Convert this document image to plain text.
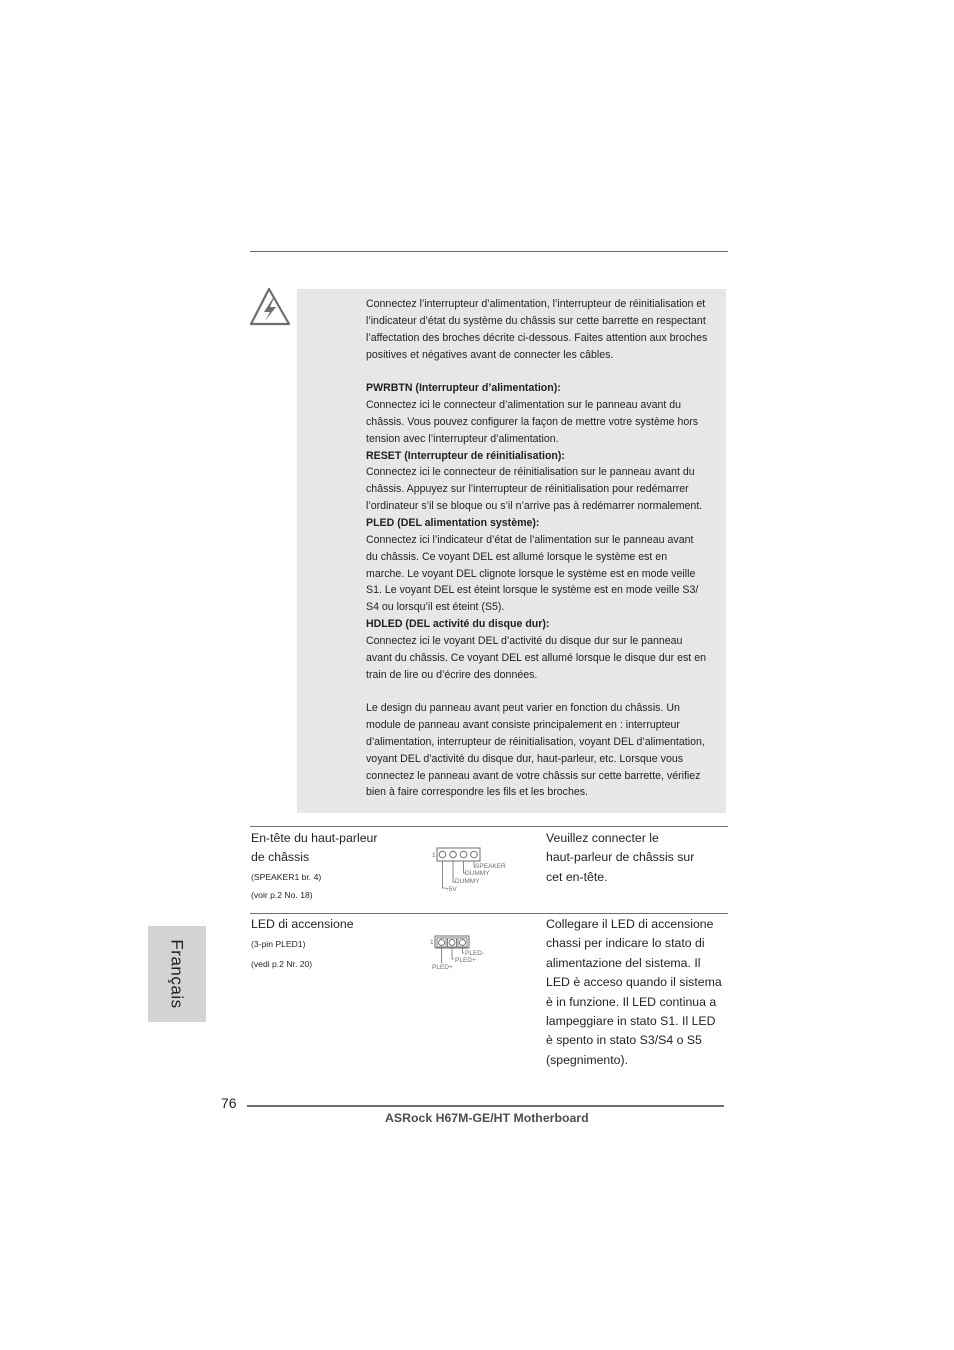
Connectez l’interrupteur d’alimentation, l’interrupteur de réinitialisation et

l’indicateur d’état du système du châssis sur cette barrette en respectant

l’affectation des broches décrite ci-dessous. Faites attention aux broches

positives et négatives avant de connecter les câbles.

PWRBTN (Interrupteur d’alimentation):

Connectez ici le connecteur d’alimentation sur le panneau avant du

châssis. Vous pouvez configurer la façon de mettre votre système hors

tension avec l’interrupteur d’alimentation.

RESET (Interrupteur de réinitialisation):

Connectez ici le connecteur de réinitialisation sur le panneau avant du

châssis. Appuyez sur l’interrupteur de réinitialisation pour redémarrer

l’ordinateur s’il se bloque ou s’il n’arrive pas à redémarrer normalement.

PLED (DEL alimentation système):

Connectez ici l’indicateur d’état de l’alimentation sur le panneau avant

du châssis. Ce voyant DEL est allumé lorsque le système est en

marche. Le voyant DEL clignote lorsque le système est en mode veille

S1. Le voyant DEL est éteint lorsque le système est en mode veille S3/

S4 ou lorsqu’il est éteint (S5).

HDLED (DEL activité du disque dur):

Connectez ici le voyant DEL d’activité du disque dur sur le panneau

avant du châssis. Ce voyant DEL est allumé lorsque le disque dur est en

train de lire ou d’écrire des données.

Le design du panneau avant peut varier en fonction du châssis. Un

module de panneau avant consiste principalement en : interrupteur

d’alimentation, interrupteur de réinitialisation, voyant DEL d’alimentation,

voyant DEL d’activité du disque dur, haut-parleur, etc. Lorsque vous

connectez le panneau avant de votre châssis sur cette barrette, vérifiez

bien à faire correspondre les fils et les broches.

En-tête du haut-parleur
de châssis
(SPEAKER1 br. 4)
(voir p.2 No. 18)
1
SPEAKER
DUMMY
DUMMY
+5V
Veuillez connecter le
haut-parleur de châssis sur
cet en-tête.
LED di accensione
(3-pin PLED1)
(vedi p.2 Nr. 20)
1
PLED-
PLED+
PLED+
Collegare il LED di accensione
chassi per indicare lo stato di
alimentazione del sistema. Il
LED è acceso quando il sistema
è in funzione. Il LED continua a
lampeggiare in stato S1. Il LED
è spento in stato S3/S4 o S5
(spegnimento).
Français
76
ASRock H67M-GE/HT Motherboard
